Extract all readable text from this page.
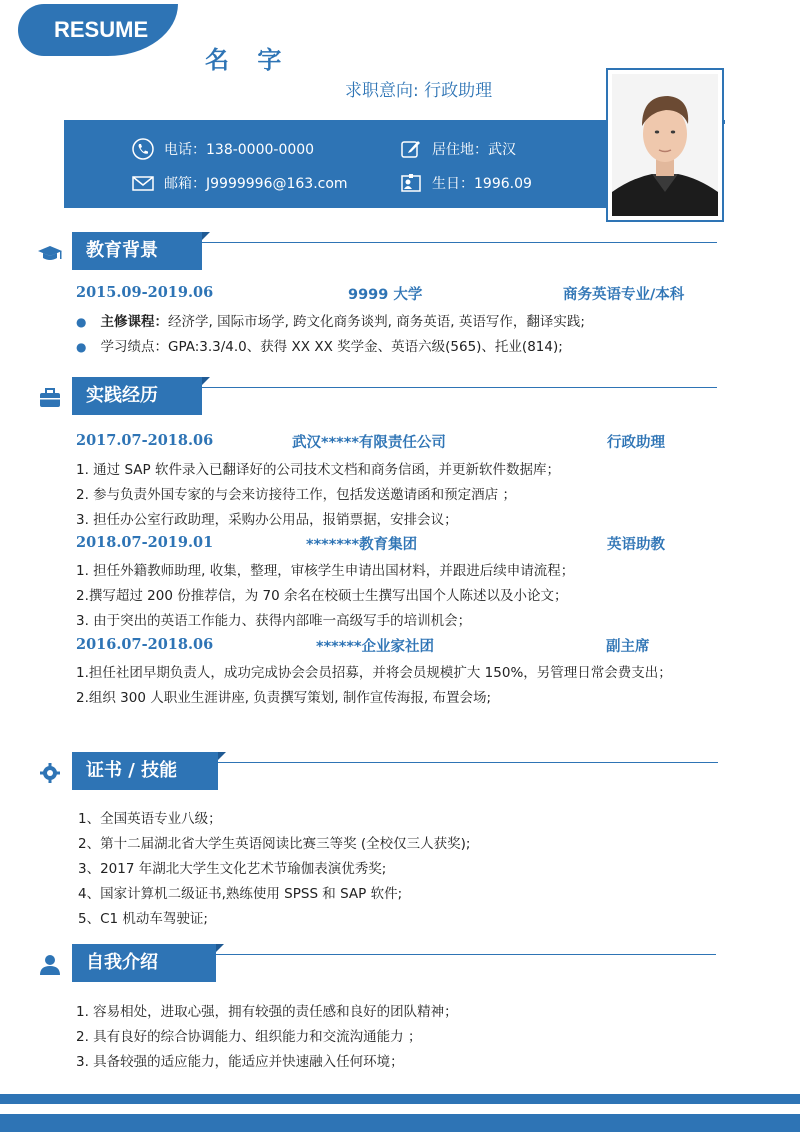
RESUME
名 字
求职意向: 行政助理
电话：138-0000-0000	居住地：武汉
邮箱：J9999996@163.com	生日：1996.09
教育背景
2015.09-2019.06	9999 大学	商务英语专业/本科
● 主修课程：经济学, 国际市场学, 跨文化商务谈判, 商务英语, 英语写作，翻译实践;
● 学习绩点：GPA:3.3/4.0、获得 XX XX 奖学金、英语六级(565)、托业(814);
实践经历
2017.07-2018.06	武汉*****有限责任公司	行政助理
1. 通过 SAP 软件录入已翻译好的公司技术文档和商务信函，并更新软件数据库；
2. 参与负责外国专家的与会来访接待工作，包括发送邀请函和预定酒店 ；
3. 担任办公室行政助理，采购办公用品，报销票据，安排会议；
2018.07-2019.01	*******教育集团	英语助教
1. 担任外籍教师助理, 收集，整理，审核学生申请出国材料，并跟进后续申请流程；
2.撰写超过 200 份推荐信，为 70 余名在校硕士生撰写出国个人陈述以及小论文；
3. 由于突出的英语工作能力、获得内部唯一高级写手的培训机会；
2016.07-2018.06	******企业家社团	副主席
1.担任社团早期负责人，成功完成协会会员招募，并将会员规模扩大 150%，另管理日常会费支出；
2.组织 300 人职业生涯讲座, 负责撰写策划, 制作宣传海报, 布置会场;
证书 / 技能
1、全国英语专业八级；
2、第十二届湖北省大学生英语阅读比赛三等奖 (全校仅三人获奖);
3、2017 年湖北大学生文化艺术节瑜伽表演优秀奖;
4、国家计算机二级证书,熟练使用 SPSS 和 SAP 软件;
5、C1 机动车驾驶证;
自我介绍
1. 容易相处，进取心强，拥有较强的责任感和良好的团队精神；
2. 具有良好的综合协调能力、组织能力和交流沟通能力 ；
3. 具备较强的适应能力，能适应并快速融入任何环境；
